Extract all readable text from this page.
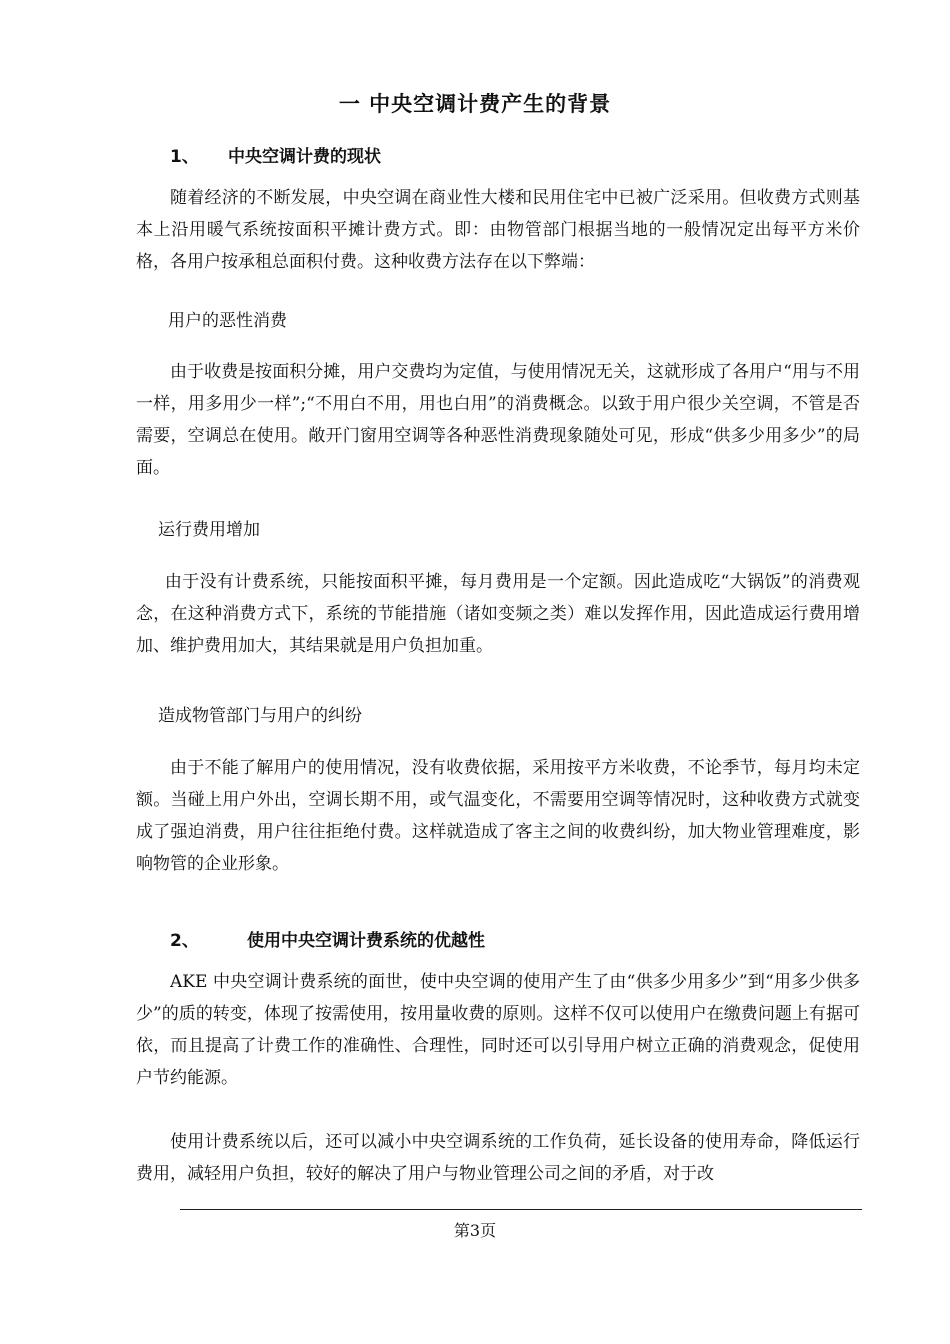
一 中央空调计费产生的背景
1、 中央空调计费的现状

随着经济的不断发展，中央空调在商业性大楼和民用住宅中已被广泛采用。但收费方式则基本上沿用暖气系统按面积平摊计费方式。即：由物管部门根据当地的一般情况定出每平方米价格，各用户按承租总面积付费。这种收费方法存在以下弊端：

用户的恶性消费

由于收费是按面积分摊，用户交费均为定值，与使用情况无关，这就形成了各用户“用与不用一样，用多用少一样”;“不用白不用，用也白用”的消费概念。以致于用户很少关空调，不管是否需要，空调总在使用。敞开门窗用空调等各种恶性消费现象随处可见，形成“供多少用多少”的局面。

运行费用增加

由于没有计费系统，只能按面积平摊，每月费用是一个定额。因此造成吃“大锅饭”的消费观念，在这种消费方式下，系统的节能措施（诸如变频之类）难以发挥作用，因此造成运行费用增加、维护费用加大，其结果就是用户负担加重。

造成物管部门与用户的纠纷

由于不能了解用户的使用情况，没有收费依据，采用按平方米收费，不论季节，每月均未定额。当碰上用户外出，空调长期不用，或气温变化，不需要用空调等情况时，这种收费方式就变成了强迫消费，用户往往拒绝付费。这样就造成了客主之间的收费纠纷，加大物业管理难度，影响物管的企业形象。

2、	使用中央空调计费系统的优越性

AKE 中央空调计费系统的面世，使中央空调的使用产生了由“供多少用多少”到“用多少供多少”的质的转变，体现了按需使用，按用量收费的原则。这样不仅可以使用户在缴费问题上有据可依，而且提高了计费工作的准确性、合理性，同时还可以引导用户树立正确的消费观念，促使用户节约能源。

使用计费系统以后，还可以减小中央空调系统的工作负荷，延长设备的使用寿命，降低运行费用，减轻用户负担，较好的解决了用户与物业管理公司之间的矛盾，对于改

第3页
